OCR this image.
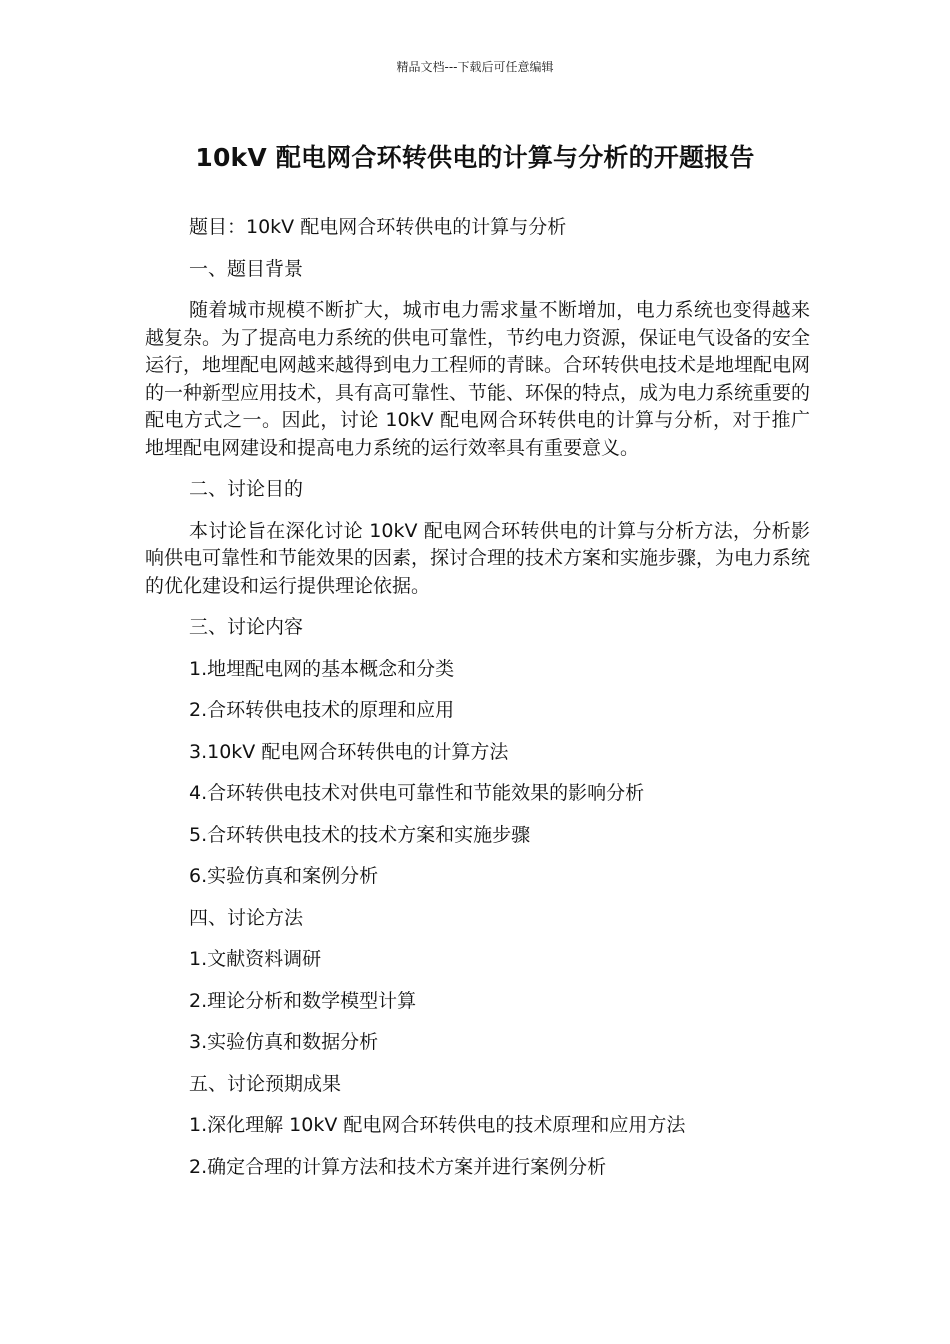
精品文档---下载后可任意编辑
10kV 配电网合环转供电的计算与分析的开题报告

题目：10kV 配电网合环转供电的计算与分析

一、题目背景

随着城市规模不断扩大，城市电力需求量不断增加，电力系统也变得越来越复杂。为了提高电力系统的供电可靠性，节约电力资源，保证电气设备的安全运行，地埋配电网越来越得到电力工程师的青睐。合环转供电技术是地埋配电网的一种新型应用技术，具有高可靠性、节能、环保的特点，成为电力系统重要的配电方式之一。因此，讨论 10kV 配电网合环转供电的计算与分析，对于推广地埋配电网建设和提高电力系统的运行效率具有重要意义。

二、讨论目的

本讨论旨在深化讨论 10kV 配电网合环转供电的计算与分析方法，分析影响供电可靠性和节能效果的因素，探讨合理的技术方案和实施步骤，为电力系统的优化建设和运行提供理论依据。

三、讨论内容

1.地埋配电网的基本概念和分类

2.合环转供电技术的原理和应用

3.10kV 配电网合环转供电的计算方法

4.合环转供电技术对供电可靠性和节能效果的影响分析

5.合环转供电技术的技术方案和实施步骤

6.实验仿真和案例分析

四、讨论方法

1.文献资料调研

2.理论分析和数学模型计算

3.实验仿真和数据分析

五、讨论预期成果

1.深化理解 10kV 配电网合环转供电的技术原理和应用方法

2.确定合理的计算方法和技术方案并进行案例分析
